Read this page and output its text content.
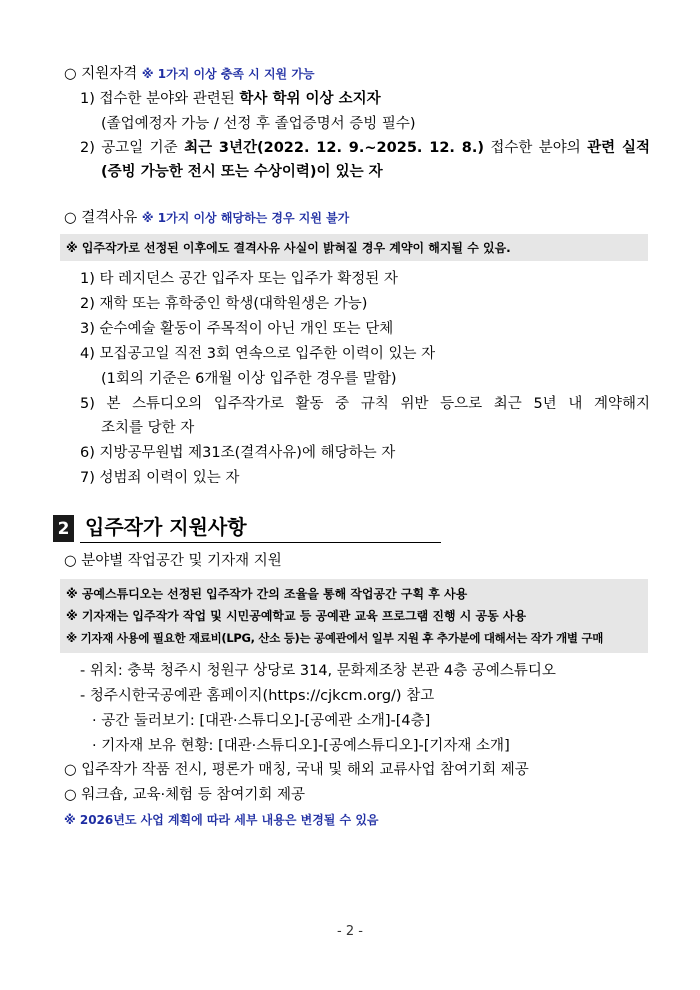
○ 지원자격 ※ 1가지 이상 충족 시 지원 가능
1) 접수한 분야와 관련된 학사 학위 이상 소지자
(졸업예정자 가능 / 선정 후 졸업증명서 증빙 필수)
2) 공고일 기준 최근 3년간(2022. 12. 9.~2025. 12. 8.) 접수한 분야의 관련 실적
(증빙 가능한 전시 또는 수상이력)이 있는 자
○ 결격사유 ※ 1가지 이상 해당하는 경우 지원 불가
※ 입주작가로 선정된 이후에도 결격사유 사실이 밝혀질 경우 계약이 해지될 수 있음.
1) 타 레지던스 공간 입주자 또는 입주가 확정된 자
2) 재학 또는 휴학중인 학생(대학원생은 가능)
3) 순수예술 활동이 주목적이 아닌 개인 또는 단체
4) 모집공고일 직전 3회 연속으로 입주한 이력이 있는 자
(1회의 기준은 6개월 이상 입주한 경우를 말함)
5) 본 스튜디오의 입주작가로 활동 중 규칙 위반 등으로 최근 5년 내 계약해지
조치를 당한 자
6) 지방공무원법 제31조(결격사유)에 해당하는 자
7) 성범죄 이력이 있는 자
2 입주작가 지원사항
○ 분야별 작업공간 및 기자재 지원
※ 공예스튜디오는 선정된 입주작가 간의 조율을 통해 작업공간 구획 후 사용
※ 기자재는 입주작가 작업 및 시민공예학교 등 공예관 교육 프로그램 진행 시 공동 사용
※ 기자재 사용에 필요한 재료비(LPG, 산소 등)는 공예관에서 일부 지원 후 추가분에 대해서는 작가 개별 구매
- 위치: 충북 청주시 청원구 상당로 314, 문화제조창 본관 4층 공예스튜디오
- 청주시한국공예관 홈페이지(https://cjkcm.org/) 참고
· 공간 둘러보기: [대관·스튜디오]-[공예관 소개]-[4층]
· 기자재 보유 현황: [대관·스튜디오]-[공예스튜디오]-[기자재 소개]
○ 입주작가 작품 전시, 평론가 매칭, 국내 및 해외 교류사업 참여기회 제공
○ 워크숍, 교육·체험 등 참여기회 제공
※ 2026년도 사업 계획에 따라 세부 내용은 변경될 수 있음
- 2 -
